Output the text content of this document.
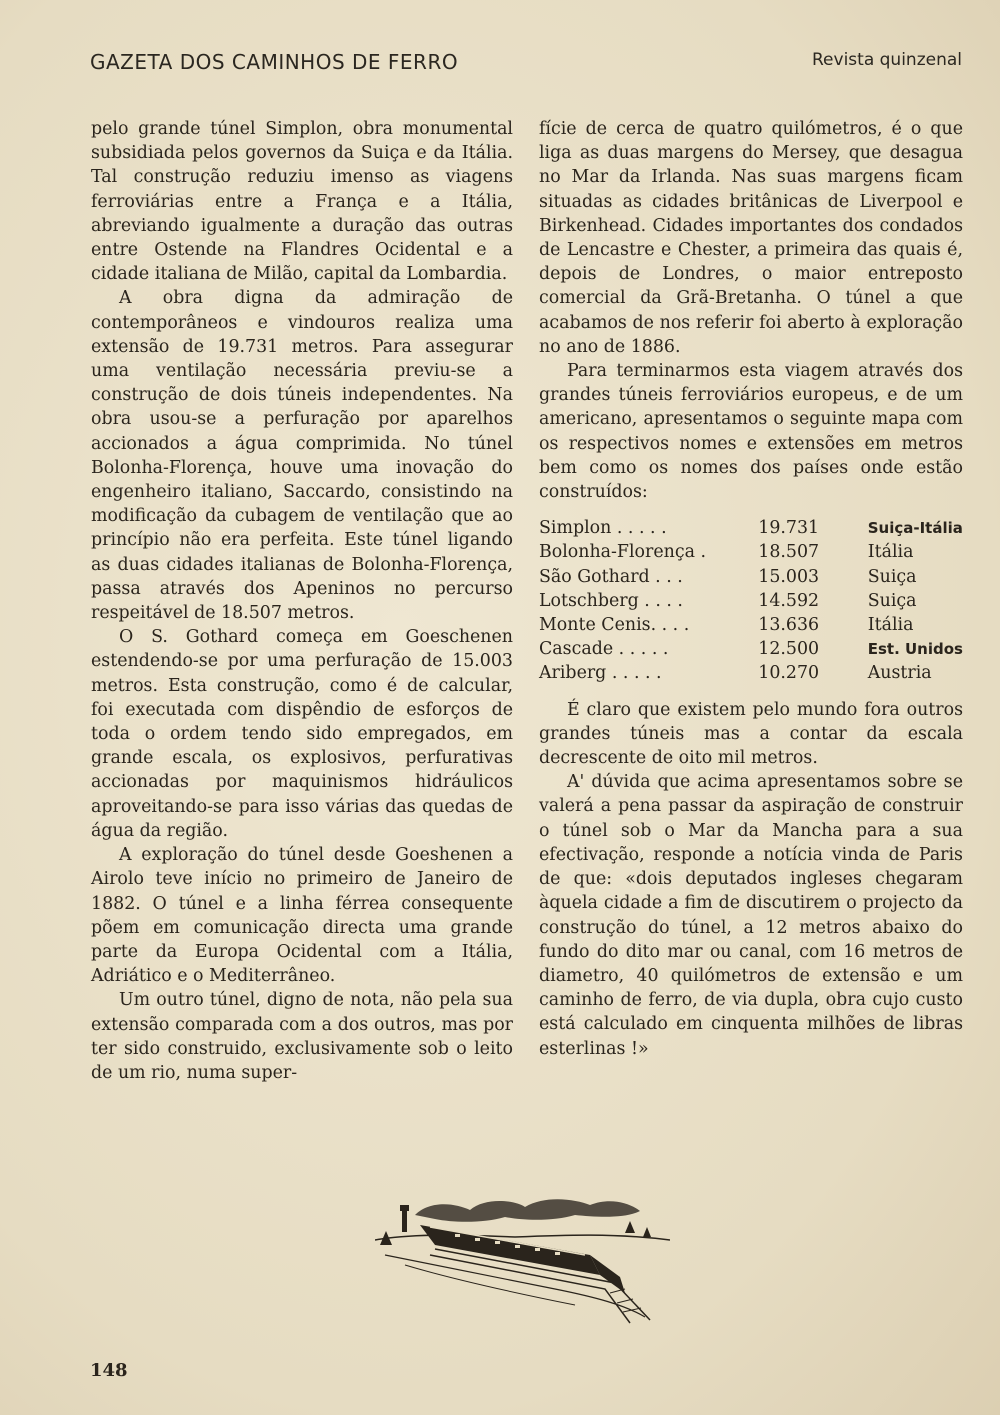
GAZETA DOS CAMINHOS DE FERRO	Revista quinzenal

pelo grande túnel Simplon, obra monumental subsidiada pelos governos da Suiça e da Itália. Tal construção reduziu imenso as viagens ferroviárias entre a França e a Itália, abreviando igualmente a duração das outras entre Ostende na Flandres Ocidental e a cidade italiana de Milão, capital da Lombardia.

A obra digna da admiração de contemporâneos e vindouros realiza uma extensão de 19.731 metros. Para assegurar uma ventilação necessária previu-se a construção de dois túneis independentes. Na obra usou-se a perfuração por aparelhos accionados a água comprimida. No túnel Bolonha-Florença, houve uma inovação do engenheiro italiano, Saccardo, consistindo na modificação da cubagem de ventilação que ao princípio não era perfeita. Este túnel ligando as duas cidades italianas de Bolonha-Florença, passa através dos Apeninos no percurso respeitável de 18.507 metros.

O S. Gothard começa em Goeschenen estendendo-se por uma perfuração de 15.003 metros. Esta construção, como é de calcular, foi executada com dispêndio de esforços de toda o ordem tendo sido empregados, em grande escala, os explosivos, perfurativas accionadas por maquinismos hidráulicos aproveitando-se para isso várias das quedas de água da região.

A exploração do túnel desde Goeshenen a Airolo teve início no primeiro de Janeiro de 1882. O túnel e a linha férrea consequente põem em comunicação directa uma grande parte da Europa Ocidental com a Itália, Adriático e o Mediterrâneo.

Um outro túnel, digno de nota, não pela sua extensão comparada com a dos outros, mas por ter sido construido, exclusivamente sob o leito de um rio, numa super-

fície de cerca de quatro quilómetros, é o que liga as duas margens do Mersey, que desagua no Mar da Irlanda. Nas suas margens ficam situadas as cidades britânicas de Liverpool e Birkenhead. Cidades importantes dos condados de Lencastre e Chester, a primeira das quais é, depois de Londres, o maior entreposto comercial da Grã-Bretanha. O túnel a que acabamos de nos referir foi aberto à exploração no ano de 1886.

Para terminarmos esta viagem através dos grandes túneis ferroviários europeus, e de um americano, apresentamos o seguinte mapa com os respectivos nomes e extensões em metros bem como os nomes dos países onde estão construídos:

Simplon . . . . .	19.731	Suiça-Itália
Bolonha-Florença .	18.507	Itália
São Gothard . . .	15.003	Suiça
Lotschberg . . . .	14.592	Suiça
Monte Cenis. . . .	13.636	Itália
Cascade . . . . .	12.500	Est. Unidos
Ariberg . . . . .	10.270	Austria

É claro que existem pelo mundo fora outros grandes túneis mas a contar da escala decrescente de oito mil metros.

A' dúvida que acima apresentamos sobre se valerá a pena passar da aspiração de construir o túnel sob o Mar da Mancha para a sua efectivação, responde a notícia vinda de Paris de que: «dois deputados ingleses chegaram àquela cidade a fim de discutirem o projecto da construção do túnel, a 12 metros abaixo do fundo do dito mar ou canal, com 16 metros de diametro, 40 quilómetros de extensão e um caminho de ferro, de via dupla, obra cujo custo está calculado em cinquenta milhões de libras esterlinas !»

148
